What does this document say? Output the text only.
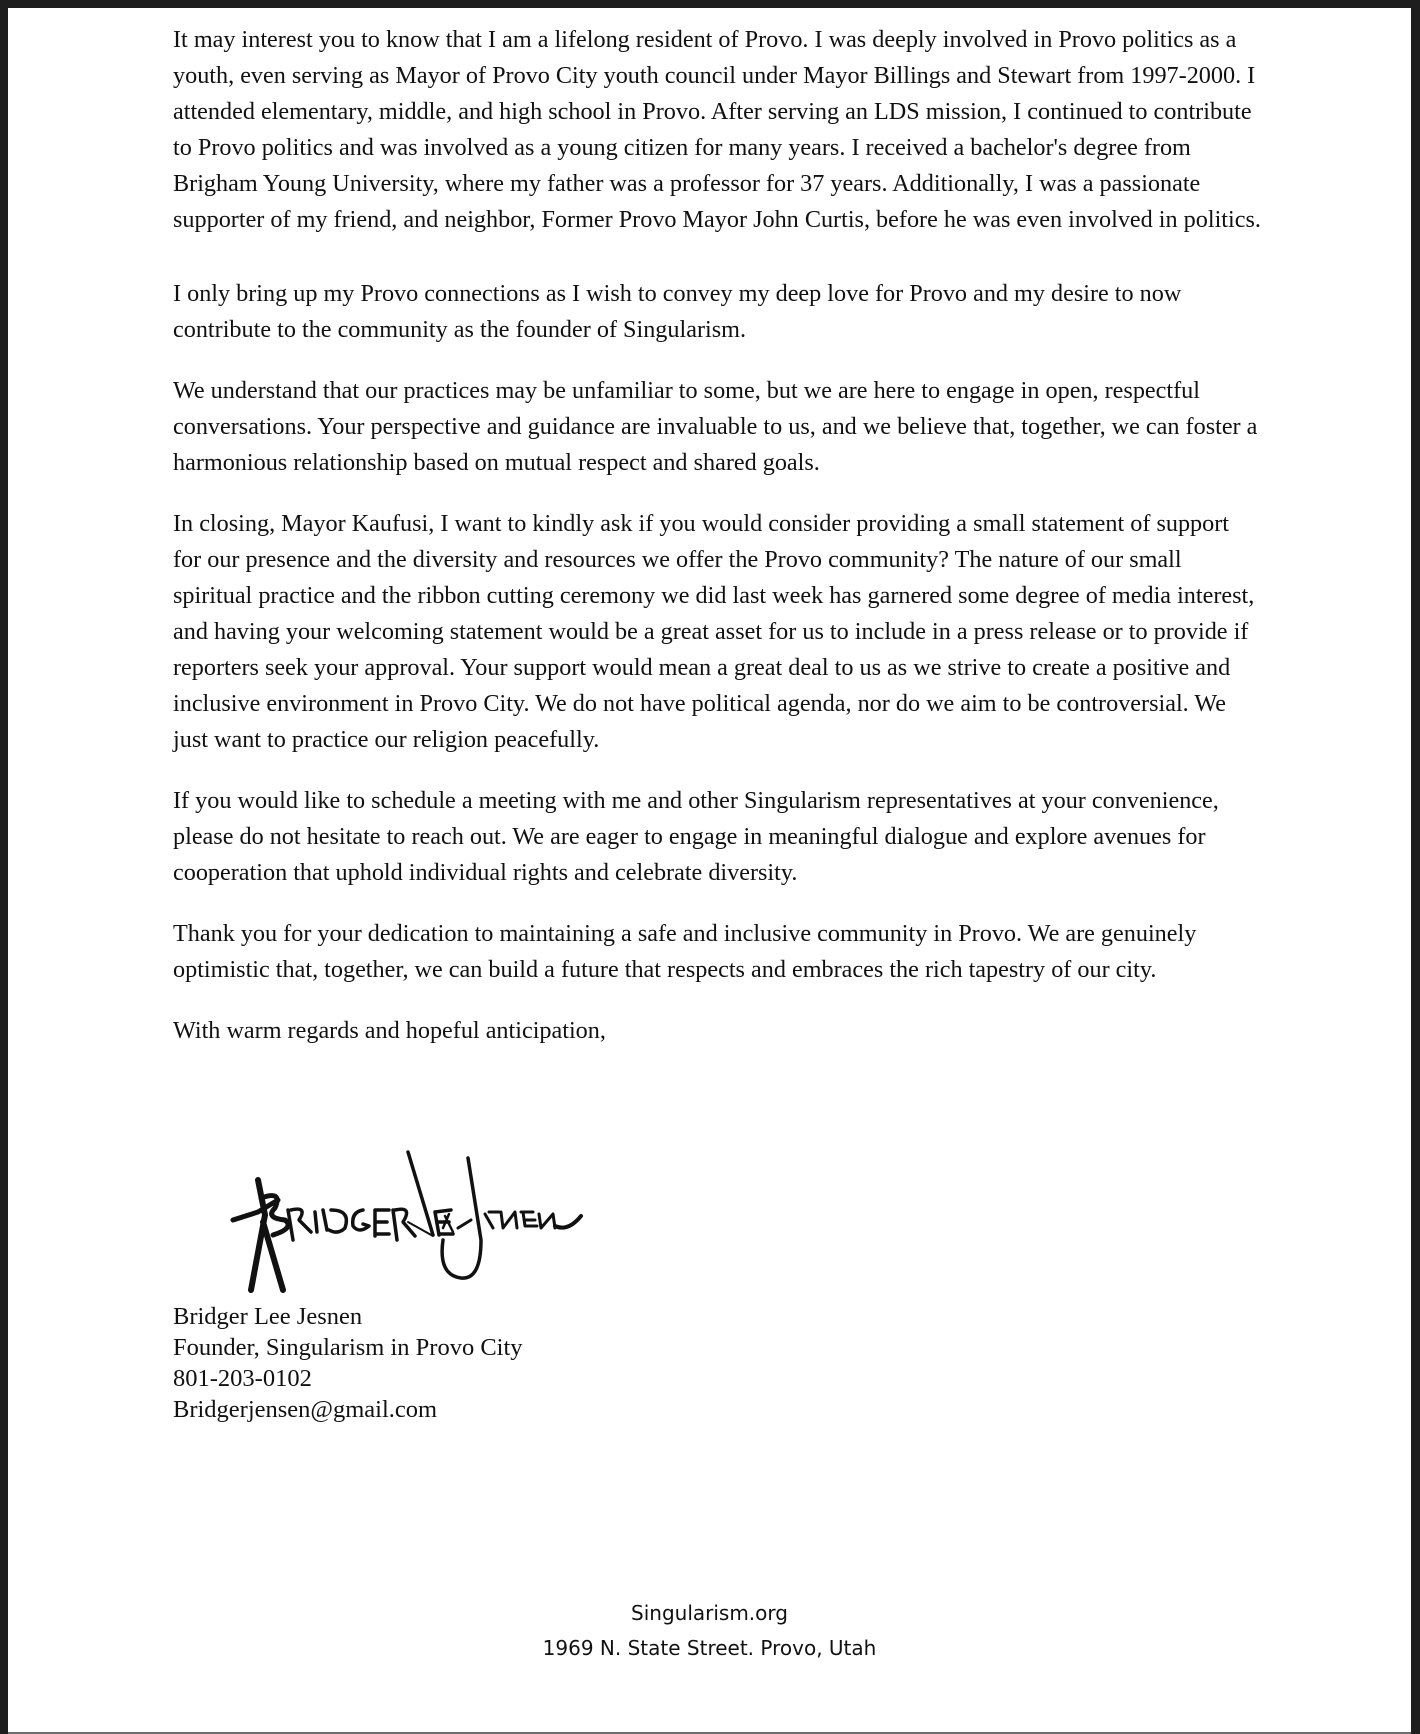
It may interest you to know that I am a lifelong resident of Provo. I was deeply involved in Provo politics as a youth, even serving as Mayor of Provo City youth council under Mayor Billings and Stewart from 1997-2000. I attended elementary, middle, and high school in Provo. After serving an LDS mission, I continued to contribute to Provo politics and was involved as a young citizen for many years. I received a bachelor's degree from Brigham Young University, where my father was a professor for 37 years. Additionally, I was a passionate supporter of my friend, and neighbor, Former Provo Mayor John Curtis, before he was even involved in politics.

I only bring up my Provo connections as I wish to convey my deep love for Provo and my desire to now contribute to the community as the founder of Singularism.

We understand that our practices may be unfamiliar to some, but we are here to engage in open, respectful conversations. Your perspective and guidance are invaluable to us, and we believe that, together, we can foster a harmonious relationship based on mutual respect and shared goals.

In closing, Mayor Kaufusi, I want to kindly ask if you would consider providing a small statement of support for our presence and the diversity and resources we offer the Provo community? The nature of our small spiritual practice and the ribbon cutting ceremony we did last week has garnered some degree of media interest, and having your welcoming statement would be a great asset for us to include in a press release or to provide if reporters seek your approval. Your support would mean a great deal to us as we strive to create a positive and inclusive environment in Provo City. We do not have political agenda, nor do we aim to be controversial. We just want to practice our religion peacefully.

If you would like to schedule a meeting with me and other Singularism representatives at your convenience, please do not hesitate to reach out. We are eager to engage in meaningful dialogue and explore avenues for cooperation that uphold individual rights and celebrate diversity.

Thank you for your dedication to maintaining a safe and inclusive community in Provo. We are genuinely optimistic that, together, we can build a future that respects and embraces the rich tapestry of our city.

With warm regards and hopeful anticipation,

Bridger Lee Jesnen
Founder, Singularism in Provo City
801-203-0102
Bridgerjensen@gmail.com
Singularism.org
1969 N. State Street. Provo, Utah
